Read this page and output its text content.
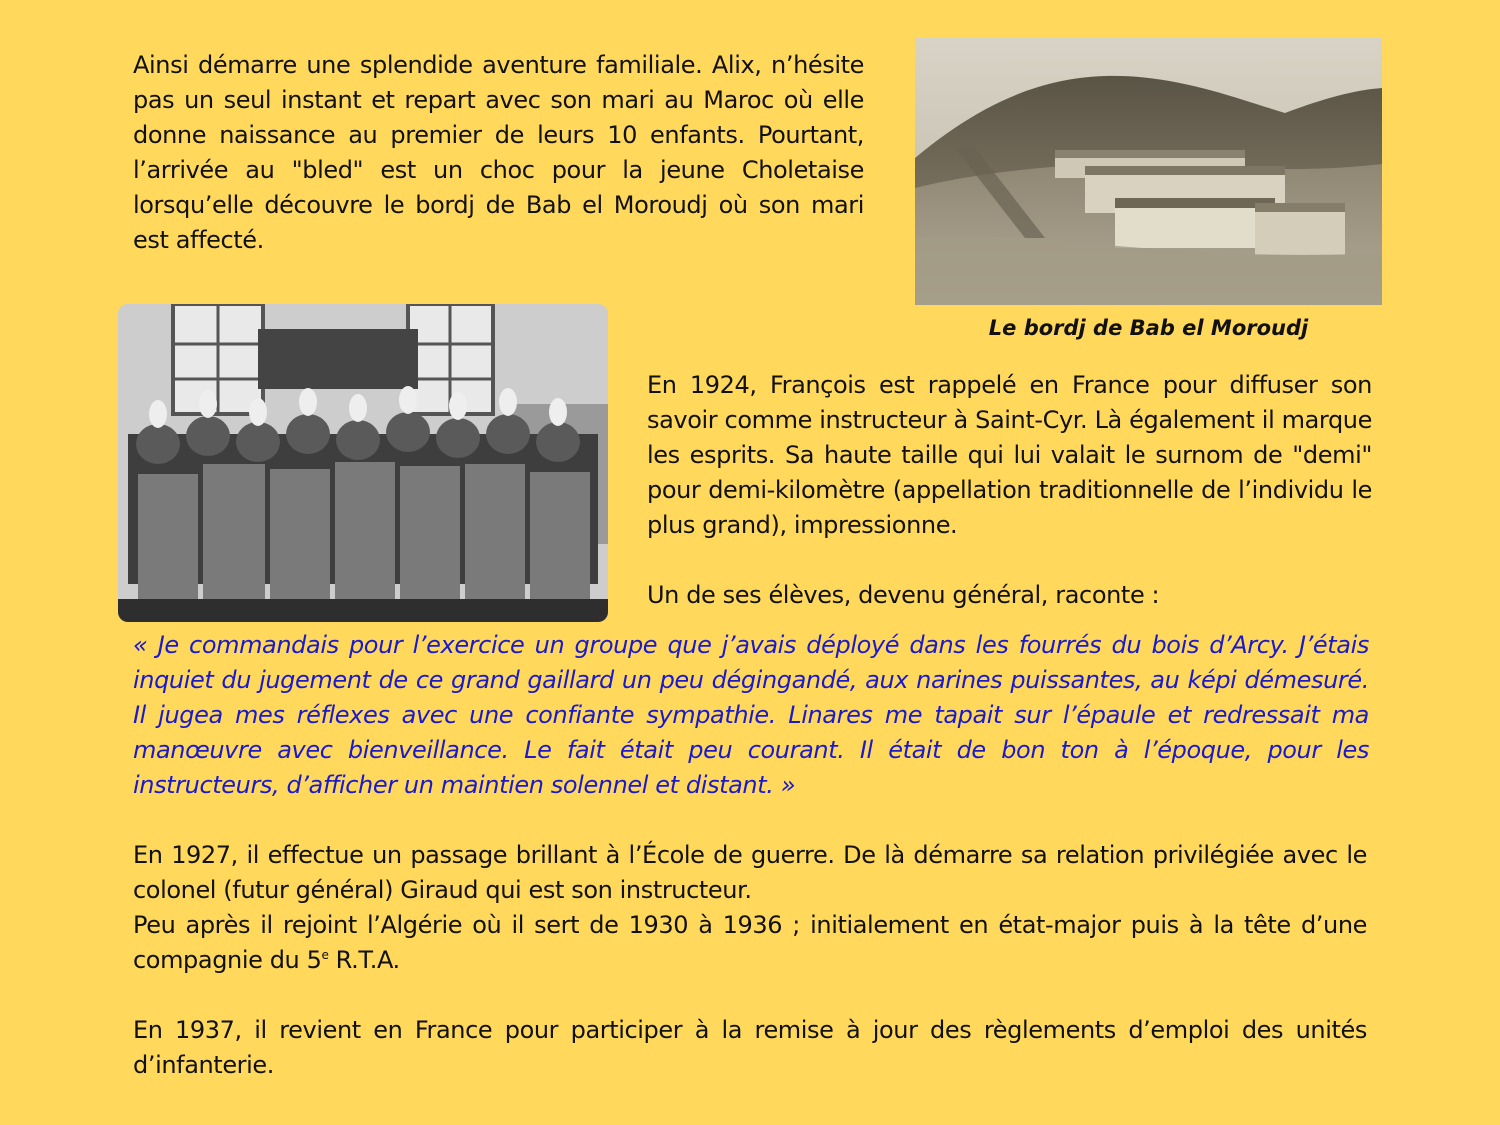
Ainsi démarre une splendide aventure familiale. Alix, n’hésite pas un seul instant et repart avec son mari au Maroc où elle donne naissance au premier de leurs 10 enfants. Pourtant, l’arrivée au "bled" est un choc pour la jeune Choletaise lorsqu’elle découvre le bordj de Bab el Moroudj où son mari est affecté.

Le bordj de Bab el Moroudj

En 1924, François est rappelé en France pour diffuser son savoir comme instructeur à Saint-Cyr. Là également il marque les esprits. Sa haute taille qui lui valait le surnom de "demi" pour demi-kilomètre (appellation traditionnelle de l’individu le plus grand), impressionne.

Un de ses élèves, devenu général, raconte :

« Je commandais pour l’exercice un groupe que j’avais déployé dans les fourrés du bois d’Arcy. J’étais inquiet du jugement de ce grand gaillard un peu dégingandé, aux narines puissantes, au képi démesuré. Il jugea mes réflexes avec une confiante sympathie. Linares me tapait sur l’épaule et redressait ma manœuvre avec bienveillance. Le fait était peu courant. Il était de bon ton à l’époque, pour les instructeurs, d’afficher un maintien solennel et distant. »

En 1927, il effectue un passage brillant à l’École de guerre. De là démarre sa relation privilégiée avec le colonel (futur général) Giraud qui est son instructeur.
Peu après il rejoint l’Algérie où il sert de 1930 à 1936 ; initialement en état-major puis à la tête d’une compagnie du 5e R.T.A.

En 1937, il revient en France pour participer à la remise à jour des règlements d’emploi des unités d’infanterie.
